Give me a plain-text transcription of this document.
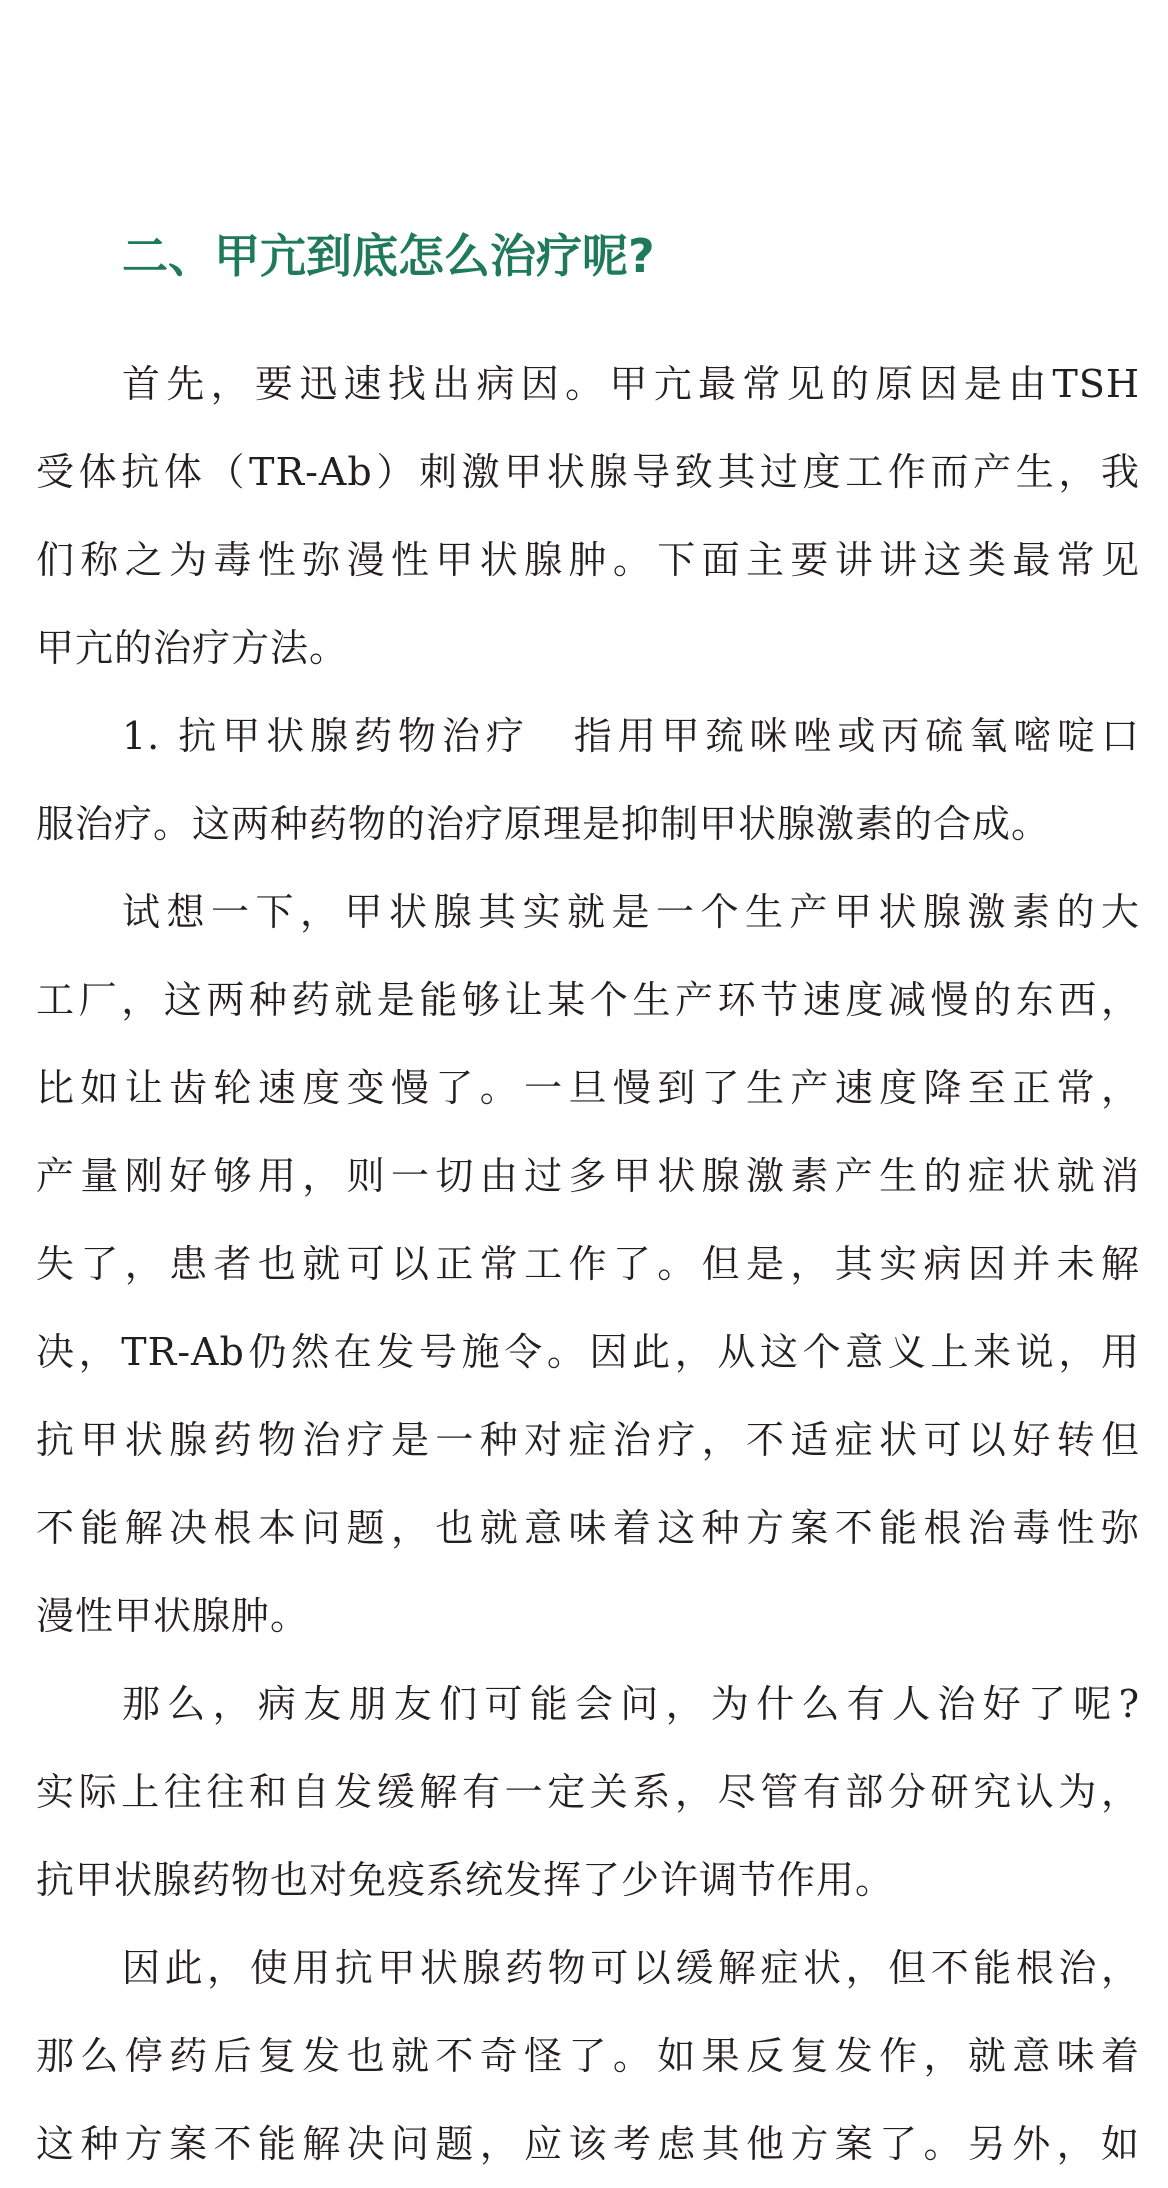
二、甲亢到底怎么治疗呢?
首先，要迅速找出病因。甲亢最常见的原因是由TSH
受体抗体（TR-Ab）刺激甲状腺导致其过度工作而产生，我
们称之为毒性弥漫性甲状腺肿。下面主要讲讲这类最常见
甲亢的治疗方法。
1. 抗甲状腺药物治疗　指用甲巯咪唑或丙硫氧嘧啶口
服治疗。这两种药物的治疗原理是抑制甲状腺激素的合成。
试想一下，甲状腺其实就是一个生产甲状腺激素的大
工厂，这两种药就是能够让某个生产环节速度减慢的东西，
比如让齿轮速度变慢了。一旦慢到了生产速度降至正常，
产量刚好够用，则一切由过多甲状腺激素产生的症状就消
失了，患者也就可以正常工作了。但是，其实病因并未解
决，TR-Ab仍然在发号施令。因此，从这个意义上来说，用
抗甲状腺药物治疗是一种对症治疗，不适症状可以好转但
不能解决根本问题，也就意味着这种方案不能根治毒性弥
漫性甲状腺肿。
那么，病友朋友们可能会问，为什么有人治好了呢?
实际上往往和自发缓解有一定关系，尽管有部分研究认为，
抗甲状腺药物也对免疫系统发挥了少许调节作用。
因此，使用抗甲状腺药物可以缓解症状，但不能根治，
那么停药后复发也就不奇怪了。如果反复发作，就意味着
这种方案不能解决问题，应该考虑其他方案了。另外，如
